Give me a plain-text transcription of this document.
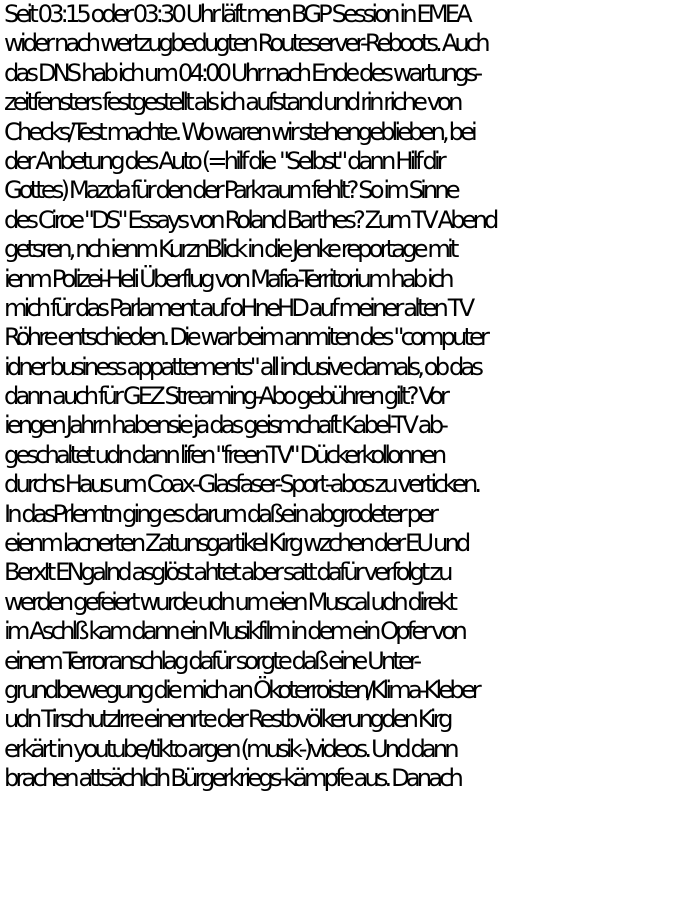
Seit 03:15 oder 03:30 Uhr läft men BGP Session in EMEA
wider nach wertzugbedugten Routeserver-Reboots. Auch
das DNS hab ich um 04:00 Uhr nach Ende des wartungs-
zeitfensters festgestellt als ich aufstand und rin riche von
Checks/Test machte. Wo waren wir stehengeblieben, bei
der Anbetung des Auto (=hilf die  "Selbst" dann Hilf dir
Gottes) Mazda für den der Parkraum fehlt? So im Sinne
des Ciroe "DS" Essays von Roland Barthes? Zum TV Abend
getsren, nch ienm KurznBlick in die Jenke reportage mit
ienm Polizei-Heli Überflug von Mafia-Territorium hab ich
mich für das Parlament auf oHneHD auf meiner alten TV
Röhre entschieden. Die war beim anmiten des "computer
idner business appattements" all inclusive damals, ob das
dann auch für GEZ Streaming-Abo gebühren gilt? Vor
iengen Jahrn habensie ja das geismchaft Kabel-TV ab-
geschaltet udn dann lifen "freenTV" Dückerkollonnen
durchs Haus um Coax-Glasfaser-Sport-abos zu verticken.
In dasPrlemtn ging es darum daßein abgrodeter per
eienm lacnerten Zatunsgartikel Kirg wzchen der EU und
BerxIt ENgalnd asglöst ahtet aber satt dafür verfolgt zu
werden gefeiert wurde udn um eien Muscal udn direkt
im Aschlß kam dann ein Musikfilm in dem ein Opfer von
einem Terroranschlag dafür sorgte daß eine Unter-
grundbewegung die mich an Ökoterroisten/Klima-Kleber
udn TirschutzIrre einenrte der Restbvölkerungden Kirg
erkärt in youtube/tikto argen (musik-)videos. Und dann
brachen attsächlcih Bürgerkriegs-kämpfe aus. Danach
